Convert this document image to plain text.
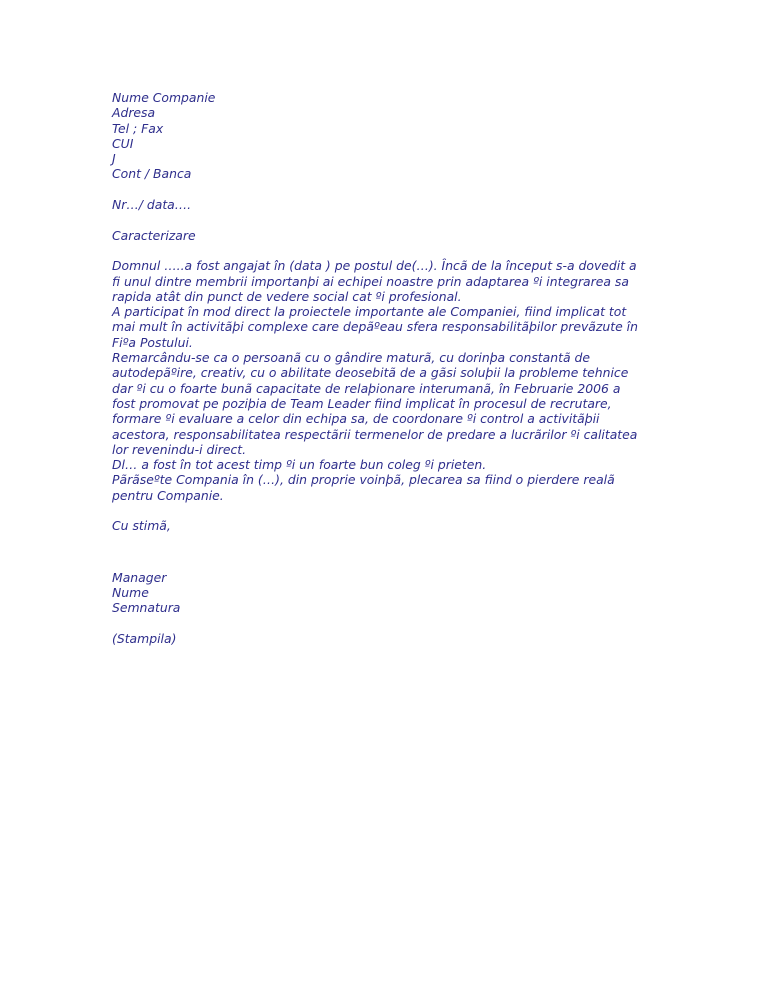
Nume Companie
Adresa
Tel ; Fax
CUI
J
Cont / Banca
Nr…/ data….
Caracterizare
Domnul …..a fost angajat în (data ) pe postul de(…). Încã de la început s-a dovedit a
fi unul dintre membrii importanþi ai echipei noastre prin adaptarea ºi integrarea sa
rapida atât din punct de vedere social cat ºi profesional.
A participat în mod direct la proiectele importante ale Companiei, fiind implicat tot
mai mult în activitãþi complexe care depãºeau sfera responsabilitãþilor prevãzute în
Fiºa Postului.
Remarcându-se ca o persoanã cu o gândire maturã, cu dorinþa constantã de
autodepãºire, creativ, cu o abilitate deosebitã de a gãsi soluþii la probleme tehnice
dar ºi cu o foarte bunã capacitate de relaþionare interumanã, în Februarie 2006 a
fost promovat pe poziþia de Team Leader fiind implicat în procesul de recrutare,
formare ºi evaluare a celor din echipa sa, de coordonare ºi control a activitãþii
acestora, responsabilitatea respectãrii termenelor de predare a lucrãrilor ºi calitatea
lor revenindu-i direct.
Dl… a fost în tot acest timp ºi un foarte bun coleg ºi prieten.
Pãrãseºte Compania în (…), din proprie voinþã, plecarea sa fiind o pierdere realã
pentru Companie.
Cu stimã,
Manager
Nume
Semnatura
(Stampila)
